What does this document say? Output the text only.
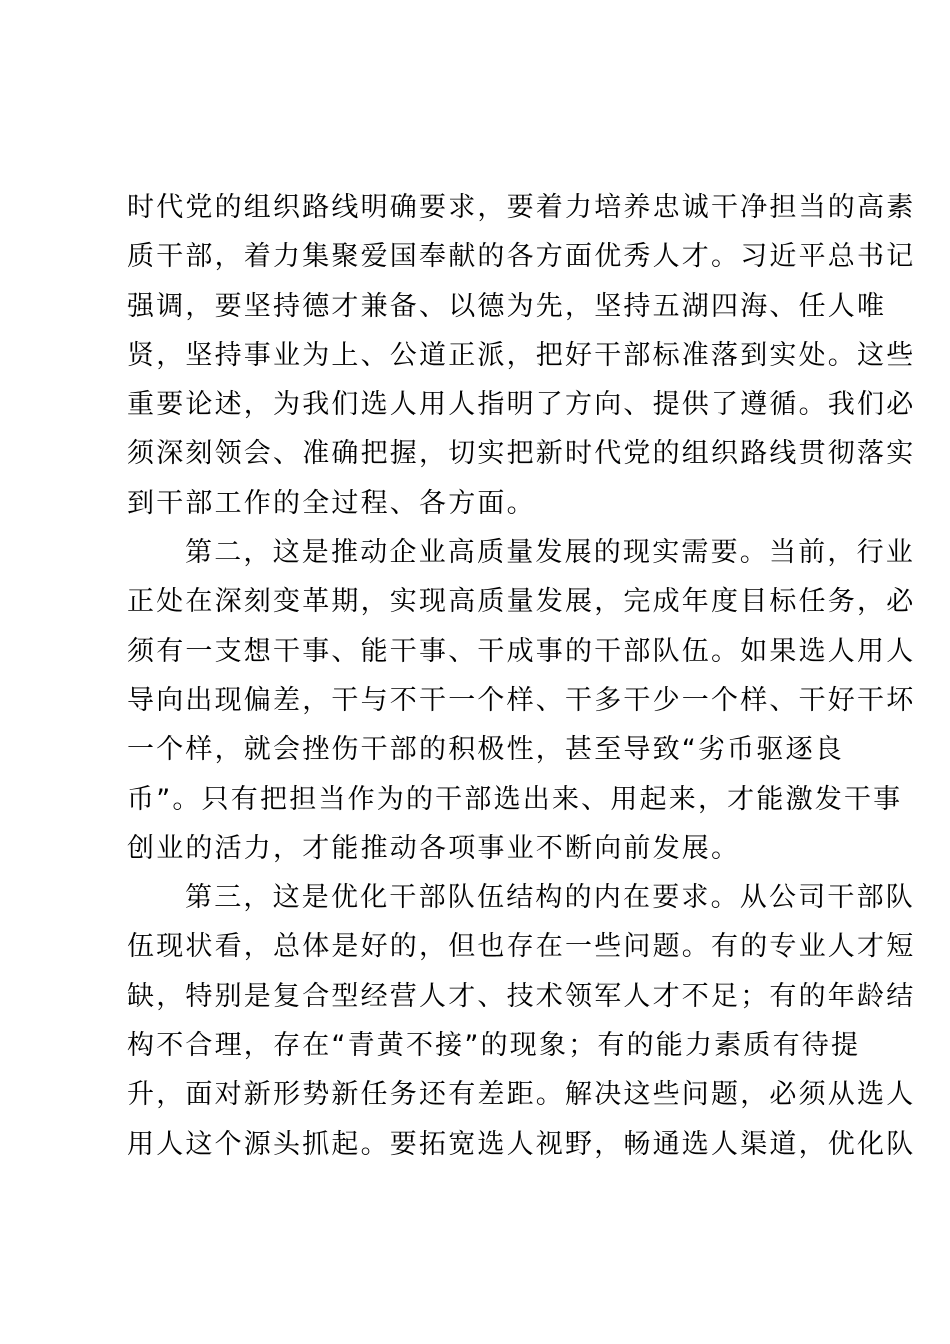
时代党的组织路线明确要求，要着力培养忠诚干净担当的高素
质干部，着力集聚爱国奉献的各方面优秀人才。习近平总书记
强调，要坚持德才兼备、以德为先，坚持五湖四海、任人唯
贤，坚持事业为上、公道正派，把好干部标准落到实处。这些
重要论述，为我们选人用人指明了方向、提供了遵循。我们必
须深刻领会、准确把握，切实把新时代党的组织路线贯彻落实
到干部工作的全过程、各方面。
第二，这是推动企业高质量发展的现实需要。当前，行业
正处在深刻变革期，实现高质量发展，完成年度目标任务，必
须有一支想干事、能干事、干成事的干部队伍。如果选人用人
导向出现偏差，干与不干一个样、干多干少一个样、干好干坏
一个样，就会挫伤干部的积极性，甚至导致“劣币驱逐良
币”。只有把担当作为的干部选出来、用起来，才能激发干事
创业的活力，才能推动各项事业不断向前发展。
第三，这是优化干部队伍结构的内在要求。从公司干部队
伍现状看，总体是好的，但也存在一些问题。有的专业人才短
缺，特别是复合型经营人才、技术领军人才不足；有的年龄结
构不合理，存在“青黄不接”的现象；有的能力素质有待提
升，面对新形势新任务还有差距。解决这些问题，必须从选人
用人这个源头抓起。要拓宽选人视野，畅通选人渠道，优化队
